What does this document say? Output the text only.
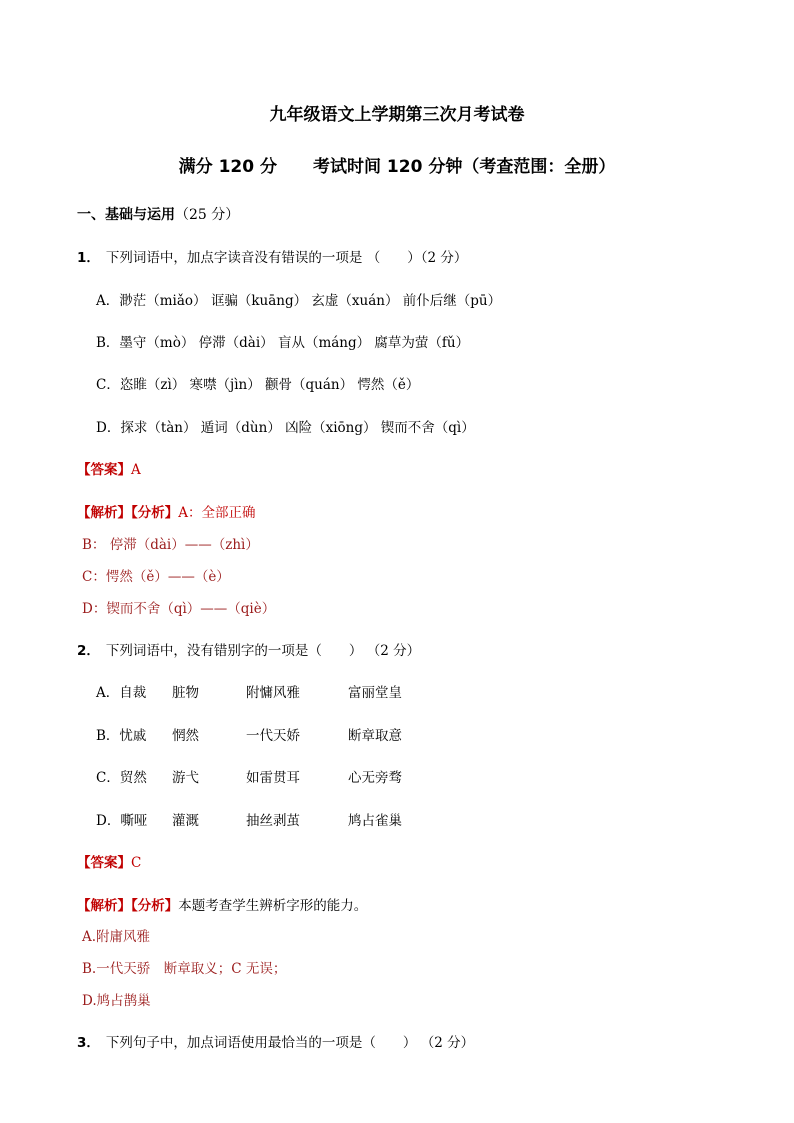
九年级语文上学期第三次月考试卷
满分 120 分 考试时间 120 分钟（考查范围：全册）
一、基础与运用（25 分）
1． 下列词语中，加点字读音没有错误的一项是 （　　）（2 分）
A．渺茫（miǎo） 诓骗（kuāng） 玄虚（xuán） 前仆后继（pū）
B．墨守（mò） 停滞（dài） 盲从（máng） 腐草为萤（fǔ）
C．恣睢（zì） 寒噤（jìn） 颧骨（quán） 愕然（ě）
D．探求（tàn） 遁词（dùn） 凶险（xiōng） 锲而不舍（qì）
【答案】A
【解析】【分析】A：全部正确
B： 停滞（dài）——（zhì）
C：愕然（ě）——（è）
D：锲而不舍（qì）——（qiè）
2． 下列词语中，没有错别字的一项是（　　） （2 分）
A．自裁 脏物	附慵风雅	富丽堂皇
B．忧戚 惘然	一代天娇	断章取意
C．贸然 游弋	如雷贯耳	心无旁骛
D．嘶哑 灌溉	抽丝剥茧	鸠占雀巢
【答案】C
【解析】【分析】本题考查学生辨析字形的能力。
A.附庸风雅
B.一代天骄　断章取义；C 无误；
D.鸠占鹊巢
3． 下列句子中，加点词语使用最恰当的一项是（　　） （2 分）
